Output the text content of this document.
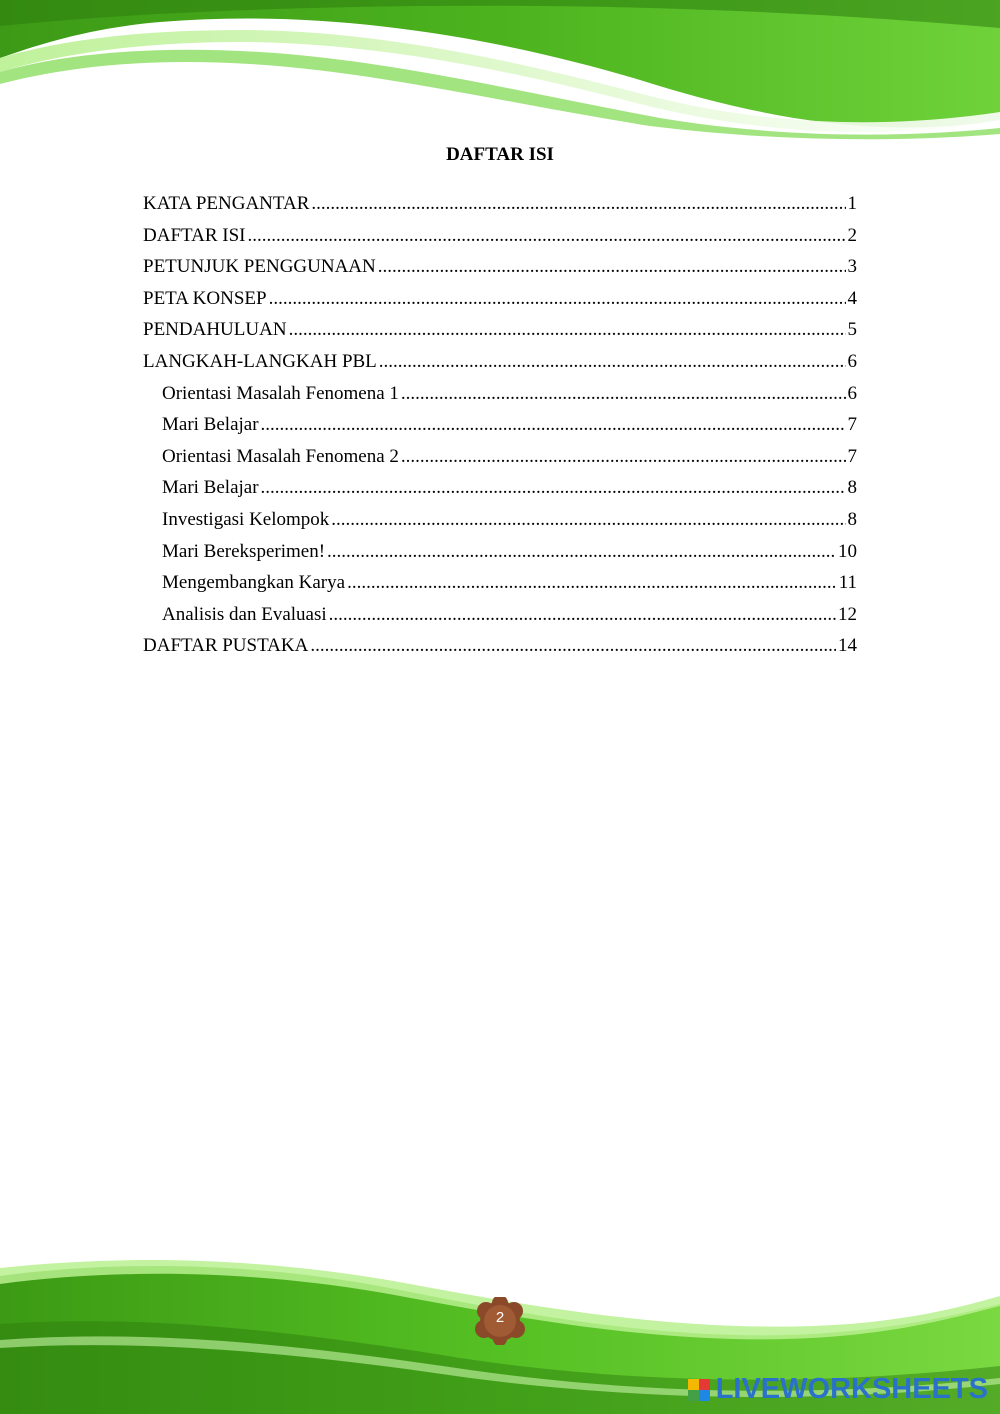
DAFTAR ISI
KATA PENGANTAR .....	1
DAFTAR ISI .....	2
PETUNJUK PENGGUNAAN .....	3
PETA KONSEP .....	4
PENDAHULUAN .....	5
LANGKAH-LANGKAH PBL .....	6
Orientasi Masalah Fenomena 1 .....	6
Mari Belajar .....	7
Orientasi Masalah Fenomena 2 .....	7
Mari Belajar .....	8
Investigasi Kelompok .....	8
Mari Bereksperimen! .....	10
Mengembangkan Karya .....	11
Analisis dan Evaluasi .....	12
DAFTAR PUSTAKA .....	14
2
LIVEWORKSHEETS
